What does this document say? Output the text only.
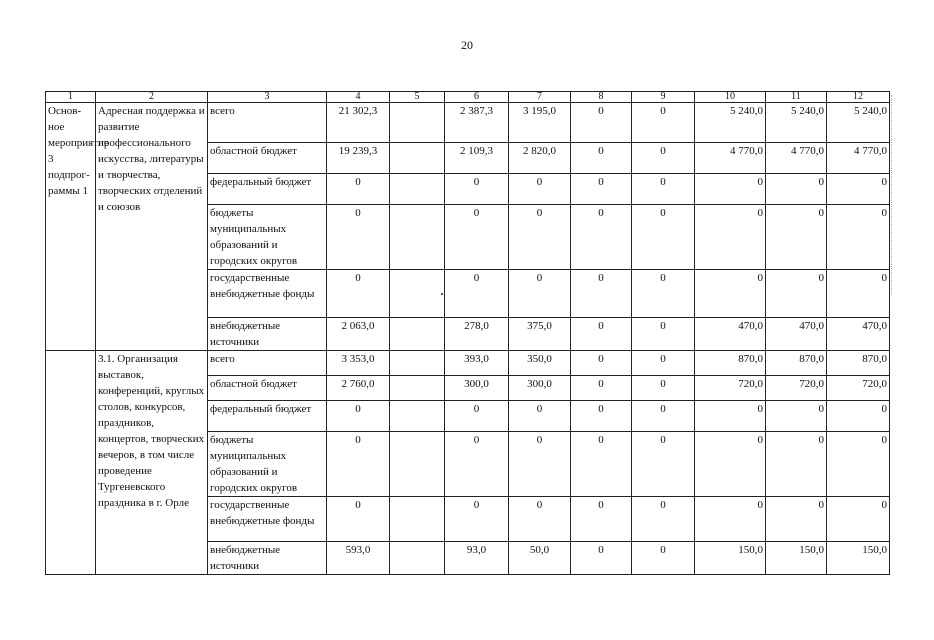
20
1	2	3	4	5	6	7	8	9	10	11	12
Основ-ное мероприятие 3 подпрог-раммы 1	Адресная поддержка и развитие профессионального искусства, литературы и творчества, творческих отделений и союзов	всего	21 302,3		2 387,3	3 195,0	0	0	5 240,0	5 240,0	5 240,0
		областной бюджет	19 239,3		2 109,3	2 820,0	0	0	4 770,0	4 770,0	4 770,0
		федеральный бюджет	0		0	0	0	0	0	0	0
		бюджеты муниципальных образований и городских округов	0		0	0	0	0	0	0	0
		государственные внебюджетные фонды	0		0	0	0	0	0	0	0
		внебюджетные источники	2 063,0		278,0	375,0	0	0	470,0	470,0	470,0
	3.1. Организация выставок, конференций, круглых столов, конкурсов, праздников, концертов, творческих вечеров, в том числе проведение Тургеневского праздника в г. Орле	всего	3 353,0		393,0	350,0	0	0	870,0	870,0	870,0
		областной бюджет	2 760,0		300,0	300,0	0	0	720,0	720,0	720,0
		федеральный бюджет	0		0	0	0	0	0	0	0
		бюджеты муниципальных образований и городских округов	0		0	0	0	0	0	0	0
		государственные внебюджетные фонды	0		0	0	0	0	0	0	0
		внебюджетные источники	593,0		93,0	50,0	0	0	150,0	150,0	150,0
